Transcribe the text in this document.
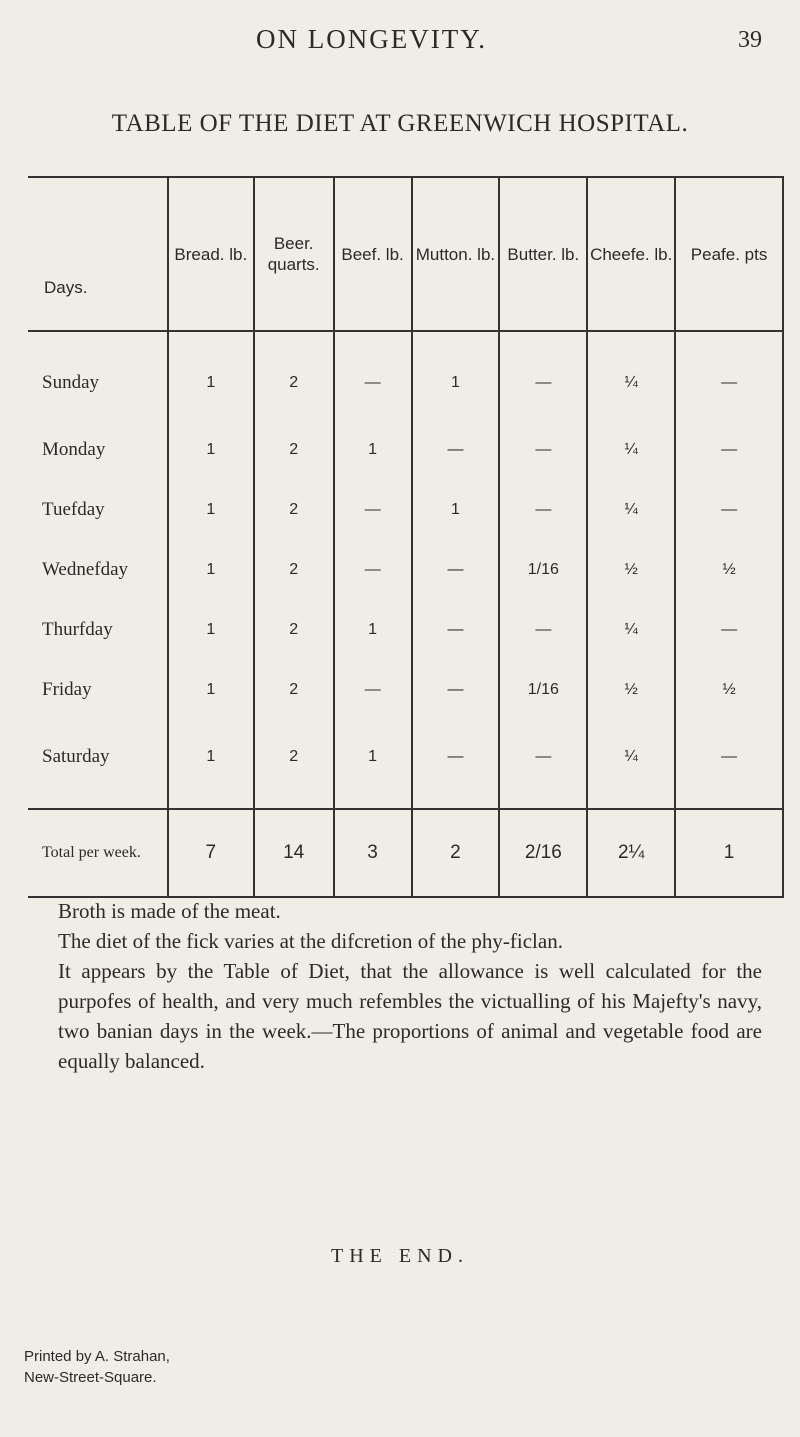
ON LONGEVITY.	39
TABLE OF THE DIET AT GREENWICH HOSPITAL.
Days.	Bread. lb.	Beer. quarts.	Beef. lb.	Mutton. lb.	Butter. lb.	Cheefe. lb.	Peafe. pts
Sunday	1	2	—	1	—	¼	—
Monday	1	2	1	—	—	¼	—
Tuefday	1	2	—	1	—	¼	—
Wednefday	1	2	—	—	1/16	½	½
Thurfday	1	2	1	—	—	¼	—
Friday	1	2	—	—	1/16	½	½
Saturday	1	2	1	—	—	¼	—
Total per week.	7	14	3	2	2/16	2¼	1

Broth is made of the meat.

The diet of the fick varies at the difcretion of the phy-ficlan.

It appears by the Table of Diet, that the allowance is well calculated for the purpofes of health, and very much refembles the victualling of his Majefty's navy, two banian days in the week.—The proportions of animal and vegetable food are equally balanced.

THE END.
Printed by A. Strahan,
New-Street-Square.
